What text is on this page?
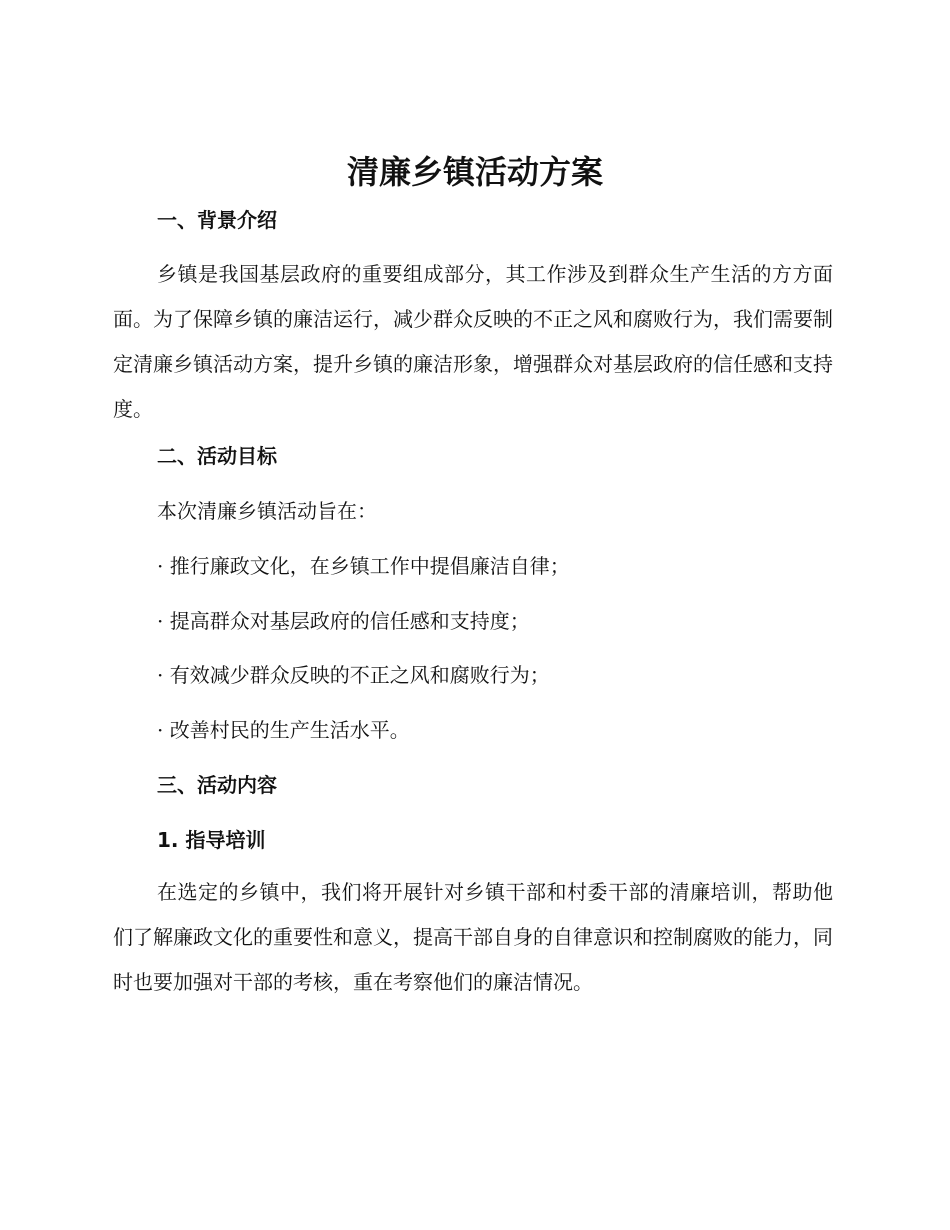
清廉乡镇活动方案
一、背景介绍

乡镇是我国基层政府的重要组成部分，其工作涉及到群众生产生活的方方面面。为了保障乡镇的廉洁运行，减少群众反映的不正之风和腐败行为，我们需要制定清廉乡镇活动方案，提升乡镇的廉洁形象，增强群众对基层政府的信任感和支持度。

二、活动目标

本次清廉乡镇活动旨在：

· 推行廉政文化，在乡镇工作中提倡廉洁自律；

· 提高群众对基层政府的信任感和支持度；

· 有效减少群众反映的不正之风和腐败行为；

· 改善村民的生产生活水平。

三、活动内容
1. 指导培训

在选定的乡镇中，我们将开展针对乡镇干部和村委干部的清廉培训，帮助他们了解廉政文化的重要性和意义，提高干部自身的自律意识和控制腐败的能力，同时也要加强对干部的考核，重在考察他们的廉洁情况。
